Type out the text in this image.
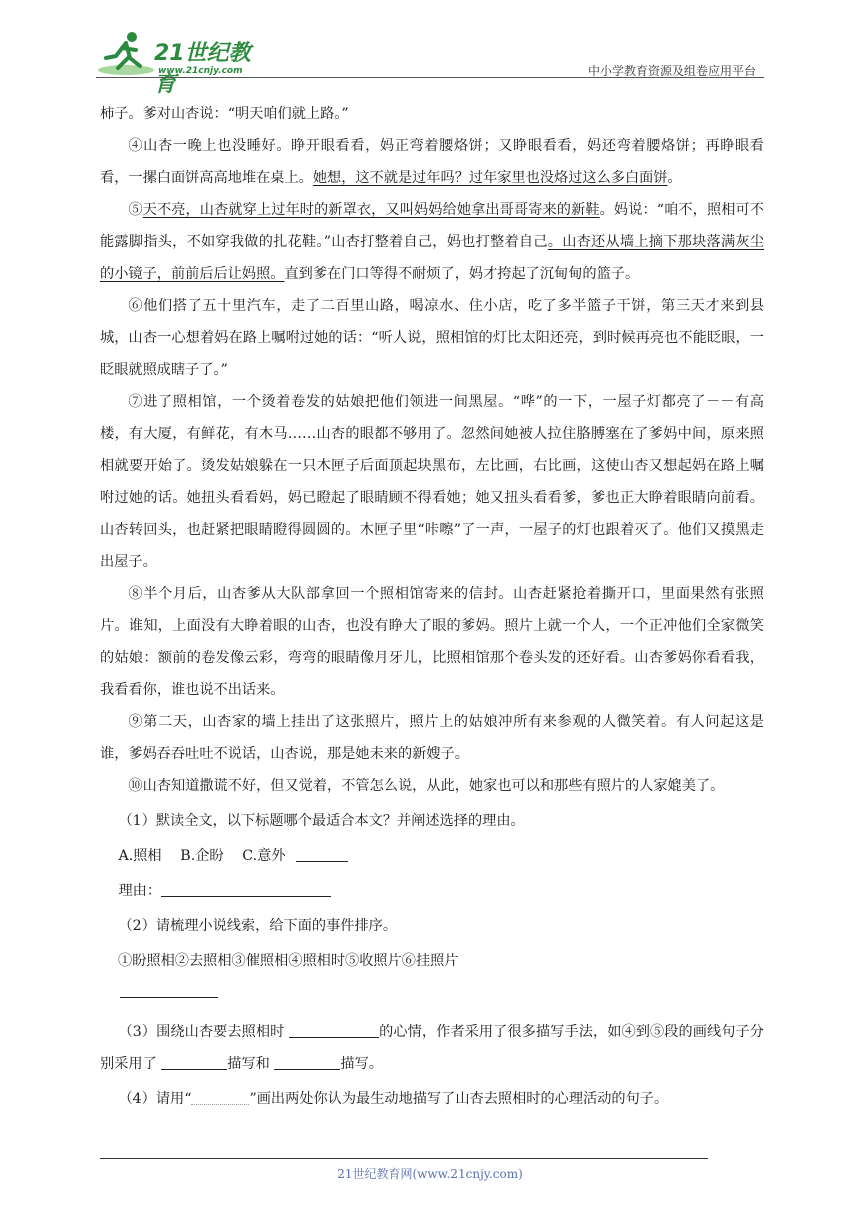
21世纪教育
www.21cnjy.com	中小学教育资源及组卷应用平台

柿子。爹对山杏说：“明天咱们就上路。”

④山杏一晚上也没睡好。睁开眼看看，妈正弯着腰烙饼；又睁眼看看，妈还弯着腰烙饼；再睁眼看看，一摞白面饼高高地堆在桌上。她想，这不就是过年吗？过年家里也没烙过这么多白面饼。

⑤天不亮，山杏就穿上过年时的新罩衣，又叫妈妈给她拿出哥哥寄来的新鞋。妈说：“咱不，照相可不能露脚指头，不如穿我做的扎花鞋。”山杏打整着自己，妈也打整着自己。山杏还从墙上摘下那块落满灰尘的小镜子，前前后后让妈照。直到爹在门口等得不耐烦了，妈才挎起了沉甸甸的篮子。

⑥他们搭了五十里汽车，走了二百里山路，喝凉水、住小店，吃了多半篮子干饼，第三天才来到县城，山杏一心想着妈在路上嘱咐过她的话：“听人说，照相馆的灯比太阳还亮，到时候再亮也不能眨眼，一眨眼就照成瞎子了。”

⑦进了照相馆，一个烫着卷发的姑娘把他们领进一间黑屋。“哗”的一下，一屋子灯都亮了－－有高楼，有大厦，有鲜花，有木马……山杏的眼都不够用了。忽然间她被人拉住胳膊塞在了爹妈中间，原来照相就要开始了。烫发姑娘躲在一只木匣子后面顶起块黑布，左比画，右比画，这使山杏又想起妈在路上嘱咐过她的话。她扭头看看妈，妈已瞪起了眼睛顾不得看她；她又扭头看看爹，爹也正大睁着眼睛向前看。山杏转回头，也赶紧把眼睛瞪得圆圆的。木匣子里“咔嚓”了一声，一屋子的灯也跟着灭了。他们又摸黑走出屋子。

⑧半个月后，山杏爹从大队部拿回一个照相馆寄来的信封。山杏赶紧抢着撕开口，里面果然有张照片。谁知，上面没有大睁着眼的山杏，也没有睁大了眼的爹妈。照片上就一个人，一个正冲他们全家微笑的姑娘：额前的卷发像云彩，弯弯的眼睛像月牙儿，比照相馆那个卷头发的还好看。山杏爹妈你看看我，我看看你，谁也说不出话来。

⑨第二天，山杏家的墙上挂出了这张照片，照片上的姑娘冲所有来参观的人微笑着。有人问起这是谁，爹妈吞吞吐吐不说话，山杏说，那是她未来的新嫂子。

⑩山杏知道撒谎不好，但又觉着，不管怎么说，从此，她家也可以和那些有照片的人家媲美了。

（1）默读全文，以下标题哪个最适合本文？并阐述选择的理由。

A.照相　 B.企盼　 C.意外

理由：

（2）请梳理小说线索，给下面的事件排序。

①盼照相②去照相③催照相④照相时⑤收照片⑥挂照片

（3）围绕山杏要去照相时	的心情，作者采用了很多描写手法，如④到⑤段的画线句子分别采用了	描写和	描写。

（4）请用“	”画出两处你认为最生动地描写了山杏去照相时的心理活动的句子。

21世纪教育网(www.21cnjy.com)
